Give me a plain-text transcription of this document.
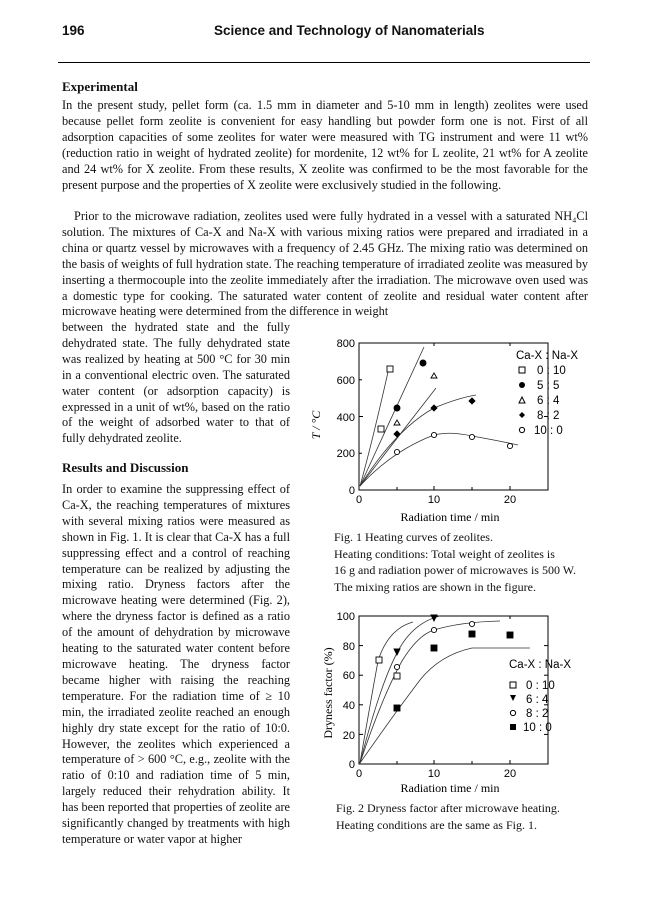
196	Science and Technology of Nanomaterials
Experimental
In the present study, pellet form (ca. 1.5 mm in diameter and 5-10 mm in length) zeolites were used because pellet form zeolite is convenient for easy handling but powder form one is not. First of all adsorption capacities of some zeolites for water were measured with TG instrument and were 11 wt% (reduction ratio in weight of hydrated zeolite) for mordenite, 12 wt% for L zeolite, 21 wt% for A zeolite and 24 wt% for X zeolite. From these results, X zeolite was confirmed to be the most favorable for the present purpose and the properties of X zeolite were exclusively studied in the following.
Prior to the microwave radiation, zeolites used were fully hydrated in a vessel with a saturated NH₄Cl solution. The mixtures of Ca-X and Na-X with various mixing ratios were prepared and irradiated in a china or quartz vessel by microwaves with a frequency of 2.45 GHz. The mixing ratio was determined on the basis of weights of full hydration state. The reaching temperature of irradiated zeolite was measured by inserting a thermocouple into the zeolite immediately after the irradiation. The microwave oven used was a domestic type for cooking. The saturated water content of zeolite and residual water content after microwave heating were determined from the difference in weight
between the hydrated state and the fully dehydrated state. The fully dehydrated state was realized by heating at 500 °C for 30 min in a conventional electric oven. The saturated water content (or adsorption capacity) is expressed in a unit of wt%, based on the ratio of the weight of adsorbed water to that of fully dehydrated zeolite.
Results and Discussion
In order to examine the suppressing effect of Ca-X, the reaching temperatures of mixtures with several mixing ratios were measured as shown in Fig. 1. It is clear that Ca-X has a full suppressing effect and a control of reaching temperature can be realized by adjusting the mixing ratio. Dryness factors after the microwave heating were determined (Fig. 2), where the dryness factor is defined as a ratio of the amount of dehydration by microwave heating to the saturated water content before microwave heating. The dryness factor became higher with raising the reaching temperature. For the radiation time of ≥ 10 min, the irradiated zeolite reached an enough highly dry state except for the ratio of 10:0. However, the zeolites which experienced a temperature of > 600 °C, e.g., zeolite with the ratio of 0:10 and radiation time of 5 min, largely reduced their rehydration ability. It has been reported that properties of zeolite are significantly changed by treatments with high temperature or water vapor at higher
800
600
400
200
0
0	10	20
Radiation time / min
T / °C
Ca-X : Na-X
0 : 10
5 : 5
6 : 4
8 : 2
10 : 0
Fig. 1 Heating curves of zeolites.
Heating conditions: Total weight of zeolites is
16 g and radiation power of microwaves is 500 W.
The mixing ratios are shown in the figure.
100
80
60
40
20
0
0	10	20
Radiation time / min
Dryness factor (%)	Ca-X : Na-X
0 : 10
6 : 4
8 : 2
10 : 0
Fig. 2 Dryness factor after microwave heating.
Heating conditions are the same as Fig. 1.
